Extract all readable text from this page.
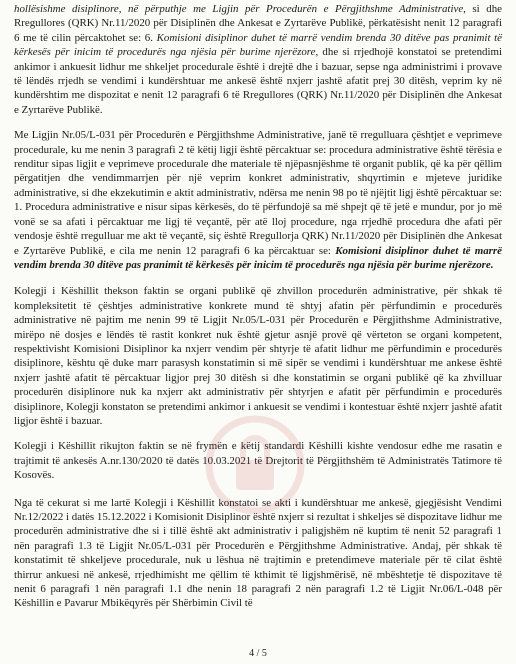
hollësishme disiplinore, në përputhje me Ligjin për Procedurën e Përgjithshme Administrative, si dhe Rregullores (QRK) Nr.11/2020 për Disiplinën dhe Ankesat e Zyrtarëve Publikë, përkatësisht nenit 12 paragrafi 6 me të cilin përcaktohet se: 6. Komisioni disiplinor duhet të marrë vendim brenda 30 ditëve pas pranimit të kërkesës për inicim të procedurës nga njësia për burime njerëzore, dhe si rrjedhojë konstatoi se pretendimi ankimor i ankuesit lidhur me shkeljet procedurale është i drejtë dhe i bazuar, sepse nga administrimi i provave të lëndës rrjedh se vendimi i kundërshtuar me ankesë është nxjerr jashtë afatit prej 30 ditësh, veprim ky në kundërshtim me dispozitat e nenit 12 paragrafi 6 të Rregullores (QRK) Nr.11/2020 për Disiplinën dhe Ankesat e Zyrtarëve Publikë.

Me Ligjin Nr.05/L-031 për Procedurën e Përgjithshme Administrative, janë të rregulluara çështjet e veprimeve procedurale, ku me nenin 3 paragrafi 2 të këtij ligji është përcaktuar se: procedura administrative është tërësia e renditur sipas ligjit e veprimeve procedurale dhe materiale të njëpasnjëshme të organit publik, që ka për qëllim përgatitjen dhe vendimmarrjen për një veprim konkret administrativ, shqyrtimin e mjeteve juridike administrative, si dhe ekzekutimin e aktit administrativ, ndërsa me nenin 98 po të njëjtit ligj është përcaktuar se: 1. Procedura administrative e nisur sipas kërkesës, do të përfundojë sa më shpejt që të jetë e mundur, por jo më vonë se sa afati i përcaktuar me ligj të veçantë, për atë lloj procedure, nga rrjedhë procedura dhe afati për vendosje është rregulluar me akt të veçantë, siç është Rregullorja QRK) Nr.11/2020 për Disiplinën dhe Ankesat e Zyrtarëve Publikë, e cila me nenin 12 paragrafi 6 ka përcaktuar se: Komisioni disiplinor duhet të marrë vendim brenda 30 ditëve pas pranimit të kërkesës për inicim të procedurës nga njësia për burime njerëzore.

Kolegji i Këshillit thekson faktin se organi publikë që zhvillon procedurën administrative, për shkak të kompleksitetit të çështjes administrative konkrete mund të shtyj afatin për përfundimin e procedurës administrative në pajtim me nenin 99 të Ligjit Nr.05/L-031 për Procedurën e Përgjithshme Administrative, mirëpo në dosjes e lëndës të rastit konkret nuk është gjetur asnjë provë që vërteton se organi kompetent, respektivisht Komisioni Disiplinor ka nxjerr vendim për shtyrje të afatit lidhur me përfundimin e procedurës disiplinore, kështu që duke marr parasysh konstatimin si më sipër se vendimi i kundërshtuar me ankese është nxjerr jashtë afatit të përcaktuar ligjor prej 30 ditësh si dhe konstatimin se organi publikë që ka zhvilluar procedurën disiplinore nuk ka nxjerr akt administrativ për shtyrjen e afatit për përfundimin e procedurës disiplinore, Kolegji konstaton se pretendimi ankimor i ankuesit se vendimi i kontestuar është nxjerr jashtë afatit ligjor është i bazuar.

Kolegji i Këshillit rikujton faktin se në frymën e këtij standardi Këshilli kishte vendosur edhe me rasatin e trajtimit të ankesës A.nr.130/2020 të datës 10.03.2021 të Drejtorit të Përgjithshëm të Administratës Tatimore të Kosovës.

Nga të cekurat si me lartë Kolegji i Këshillit konstatoi se akti i kundërshtuar me ankesë, gjegjësisht Vendimi Nr.12/2022 i datës 15.12.2022 i Komisionit Disiplinor është nxjerr si rezultat i shkeljes së dispozitave lidhur me procedurën administrative dhe si i tillë është akt administrativ i paligjshëm në kuptim të nenit 52 paragrafi 1 nën paragrafi 1.3 të Ligjit Nr.05/L-031 për Procedurën e Përgjithshme Administrative. Andaj, për shkak të konstatimit të shkeljeve procedurale, nuk u lëshua në trajtimin e pretendimeve materiale për të cilat është thirrur ankuesi në ankesë, rrjedhimisht me qëllim të kthimit të ligjshmërisë, në mbështetje të dispozitave të nenit 6 paragrafi 1 nën paragrafi 1.1 dhe nenin 18 paragrafi 2 nën paragrafi 1.2 të Ligjit Nr.06/L-048 për Këshillin e Pavarur Mbikëqyrës për Shërbimin Civil të

4 / 5
